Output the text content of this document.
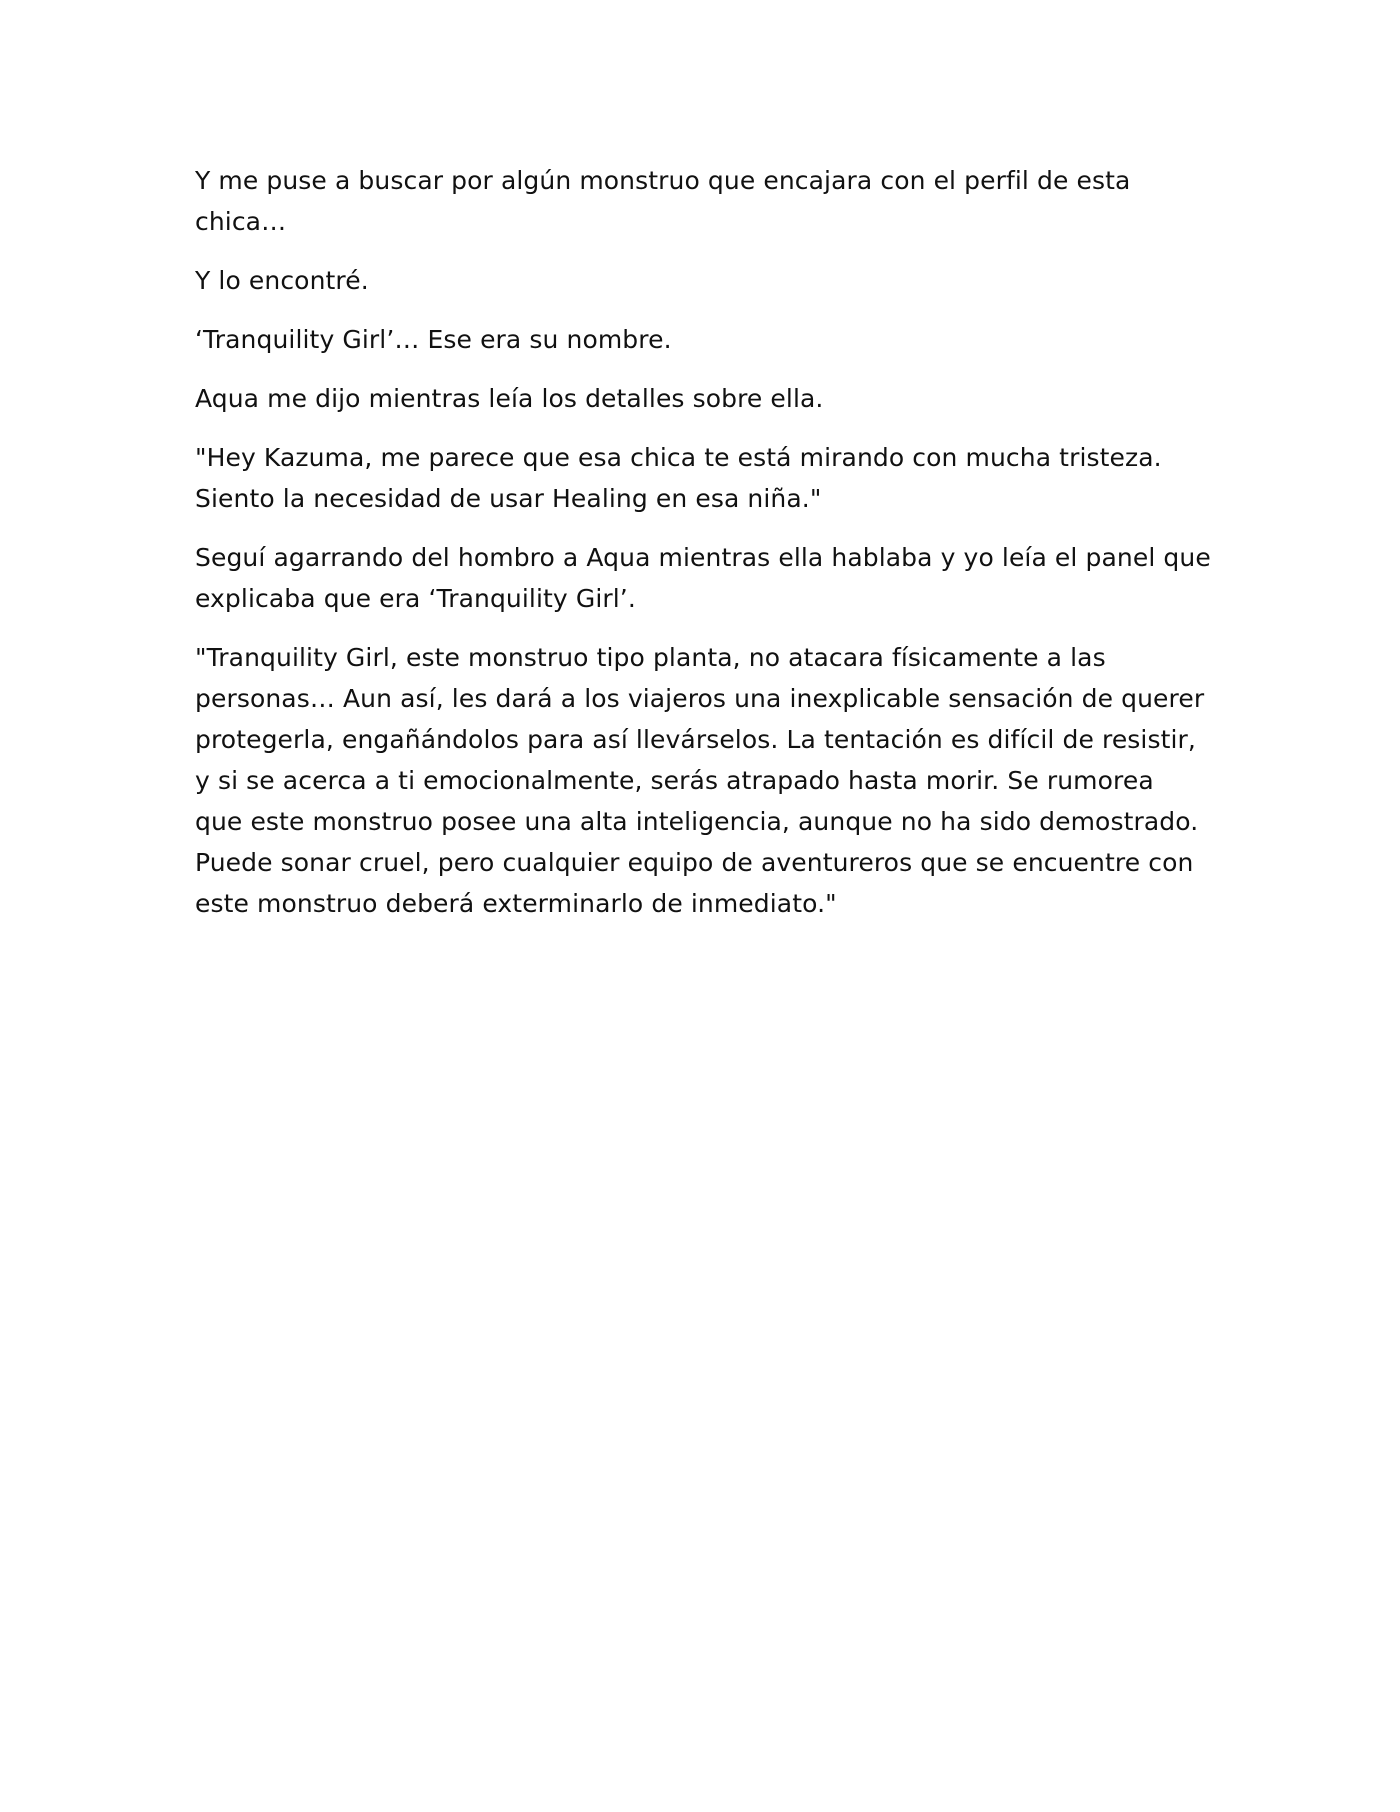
Y me puse a buscar por algún monstruo que encajara con el perfil de esta
chica…

Y lo encontré.

‘Tranquility Girl’… Ese era su nombre.

Aqua me dijo mientras leía los detalles sobre ella.

"Hey Kazuma, me parece que esa chica te está mirando con mucha tristeza.
Siento la necesidad de usar Healing en esa niña."

Seguí agarrando del hombro a Aqua mientras ella hablaba y yo leía el panel que
explicaba que era ‘Tranquility Girl’.

"Tranquility Girl, este monstruo tipo planta, no atacara físicamente a las
personas… Aun así, les dará a los viajeros una inexplicable sensación de querer
protegerla, engañándolos para así llevárselos. La tentación es difícil de resistir,
y si se acerca a ti emocionalmente, serás atrapado hasta morir. Se rumorea
que este monstruo posee una alta inteligencia, aunque no ha sido demostrado.
Puede sonar cruel, pero cualquier equipo de aventureros que se encuentre con
este monstruo deberá exterminarlo de inmediato."
